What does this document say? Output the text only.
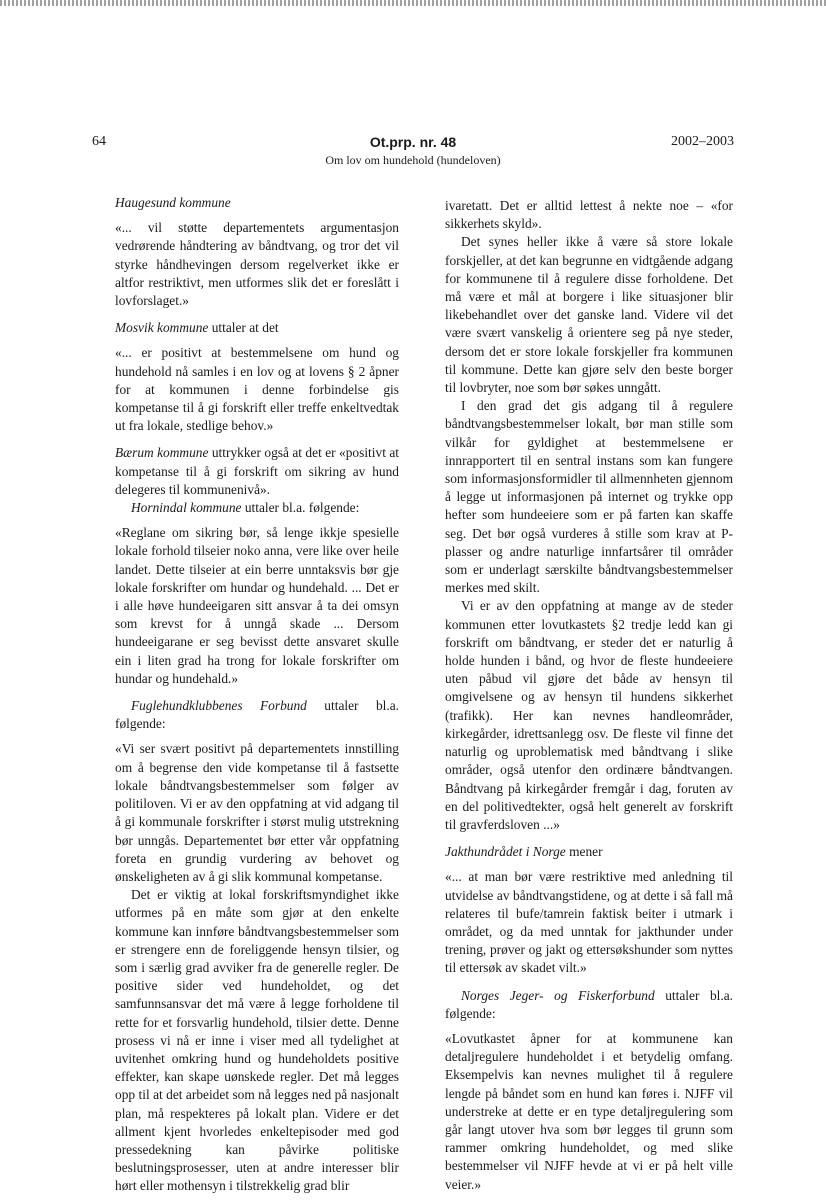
64	Ot.prp. nr. 48	2002–2003
Om lov om hundehold (hundeloven)

Haugesund kommune

«... vil støtte departementets argumentasjon vedrørende håndtering av båndtvang, og tror det vil styrke håndhevingen dersom regelverket ikke er altfor restriktivt, men utformes slik det er foreslått i lovforslaget.»

Mosvik kommune uttaler at det

«... er positivt at bestemmelsene om hund og hundehold nå samles i en lov og at lovens § 2 åpner for at kommunen i denne forbindelse gis kompetanse til å gi forskrift eller treffe enkeltvedtak ut fra lokale, stedlige behov.»

Bærum kommune uttrykker også at det er «positivt at kompetanse til å gi forskrift om sikring av hund delegeres til kommunenivå».

Hornindal kommune uttaler bl.a. følgende:

«Reglane om sikring bør, så lenge ikkje spesielle lokale forhold tilseier noko anna, vere like over heile landet. Dette tilseier at ein berre unntaksvis bør gje lokale forskrifter om hundar og hundehald. ... Det er i alle høve hundeeigaren sitt ansvar å ta dei omsyn som krevst for å unngå skade ... Dersom hundeeigarane er seg bevisst dette ansvaret skulle ein i liten grad ha trong for lokale forskrifter om hundar og hundehald.»

Fuglehundklubbenes Forbund uttaler bl.a. følgende:

«Vi ser svært positivt på departementets innstilling om å begrense den vide kompetanse til å fastsette lokale båndtvangsbestemmelser som følger av politiloven. Vi er av den oppfatning at vid adgang til å gi kommunale forskrifter i størst mulig utstrekning bør unngås. Departementet bør etter vår oppfatning foreta en grundig vurdering av behovet og ønskeligheten av å gi slik kommunal kompetanse.

Det er viktig at lokal forskriftsmyndighet ikke utformes på en måte som gjør at den enkelte kommune kan innføre båndtvangsbestemmelser som er strengere enn de foreliggende hensyn tilsier, og som i særlig grad avviker fra de generelle regler. De positive sider ved hundeholdet, og det samfunnsansvar det må være å legge forholdene til rette for et forsvarlig hundehold, tilsier dette. Denne prosess vi nå er inne i viser med all tydelighet at uvitenhet omkring hund og hundeholdets positive effekter, kan skape uønskede regler. Det må legges opp til at det arbeidet som nå legges ned på nasjonalt plan, må respekteres på lokalt plan. Videre er det allment kjent hvorledes enkeltepisoder med god pressedekning kan påvirke politiske beslutningsprosesser, uten at andre interesser blir hørt eller mothensyn i tilstrekkelig grad blir

ivaretatt. Det er alltid lettest å nekte noe – «for sikkerhets skyld».

Det synes heller ikke å være så store lokale forskjeller, at det kan begrunne en vidtgående adgang for kommunene til å regulere disse forholdene. Det må være et mål at borgere i like situasjoner blir likebehandlet over det ganske land. Videre vil det være svært vanskelig å orientere seg på nye steder, dersom det er store lokale forskjeller fra kommunen til kommune. Dette kan gjøre selv den beste borger til lovbryter, noe som bør søkes unngått.

I den grad det gis adgang til å regulere båndtvangsbestemmelser lokalt, bør man stille som vilkår for gyldighet at bestemmelsene er innrapportert til en sentral instans som kan fungere som informasjonsformidler til allmennheten gjennom å legge ut informasjonen på internet og trykke opp hefter som hundeeiere som er på farten kan skaffe seg. Det bør også vurderes å stille som krav at P-plasser og andre naturlige innfartsårer til områder som er underlagt særskilte båndtvangsbestemmelser merkes med skilt.

Vi er av den oppfatning at mange av de steder kommunen etter lovutkastets §2 tredje ledd kan gi forskrift om båndtvang, er steder det er naturlig å holde hunden i bånd, og hvor de fleste hundeeiere uten påbud vil gjøre det både av hensyn til omgivelsene og av hensyn til hundens sikkerhet (trafikk). Her kan nevnes handleområder, kirkegårder, idrettsanlegg osv. De fleste vil finne det naturlig og uproblematisk med båndtvang i slike områder, også utenfor den ordinære båndtvangen. Båndtvang på kirkegårder fremgår i dag, foruten av en del politivedtekter, også helt generelt av forskrift til gravferdsloven ...»

Jakthundrådet i Norge mener

«... at man bør være restriktive med anledning til utvidelse av båndtvangstidene, og at dette i så fall må relateres til bufe/tamrein faktisk beiter i utmark i området, og da med unntak for jakthunder under trening, prøver og jakt og ettersøkshunder som nyttes til ettersøk av skadet vilt.»

Norges Jeger- og Fiskerforbund uttaler bl.a. følgende:

«Lovutkastet åpner for at kommunene kan detaljregulere hundeholdet i et betydelig omfang. Eksempelvis kan nevnes mulighet til å regulere lengde på båndet som en hund kan føres i. NJFF vil understreke at dette er en type detaljregulering som går langt utover hva som bør legges til grunn som rammer omkring hundeholdet, og med slike bestemmelser vil NJFF hevde at vi er på helt ville veier.»
